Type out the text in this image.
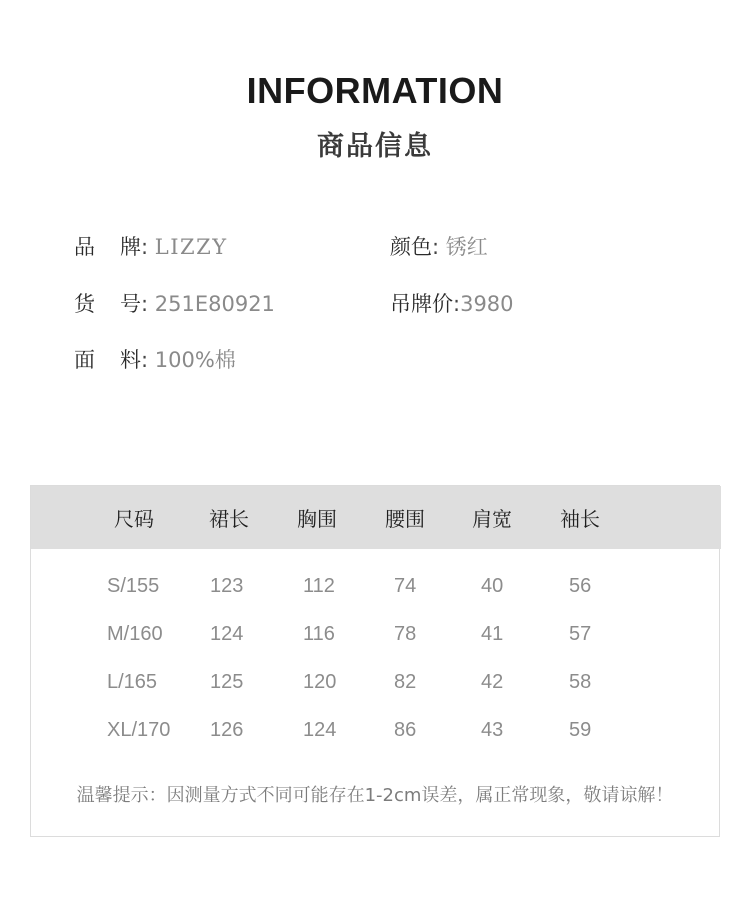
INFORMATION
商品信息
品 牌: LIZZY	颜色: 锈红
货 号: 251E80921	吊牌价:3980
面 料: 100%棉
尺码	裙长 胸围 腰围 肩宽 袖长
S/155	123	112	74	40	56
M/160 124	116	78	41	57
L/165	125	120	82	42	58
XL/170 126	124	86	43	59
温馨提示：因测量方式不同可能存在1-2cm误差，属正常现象，敬请谅解！
